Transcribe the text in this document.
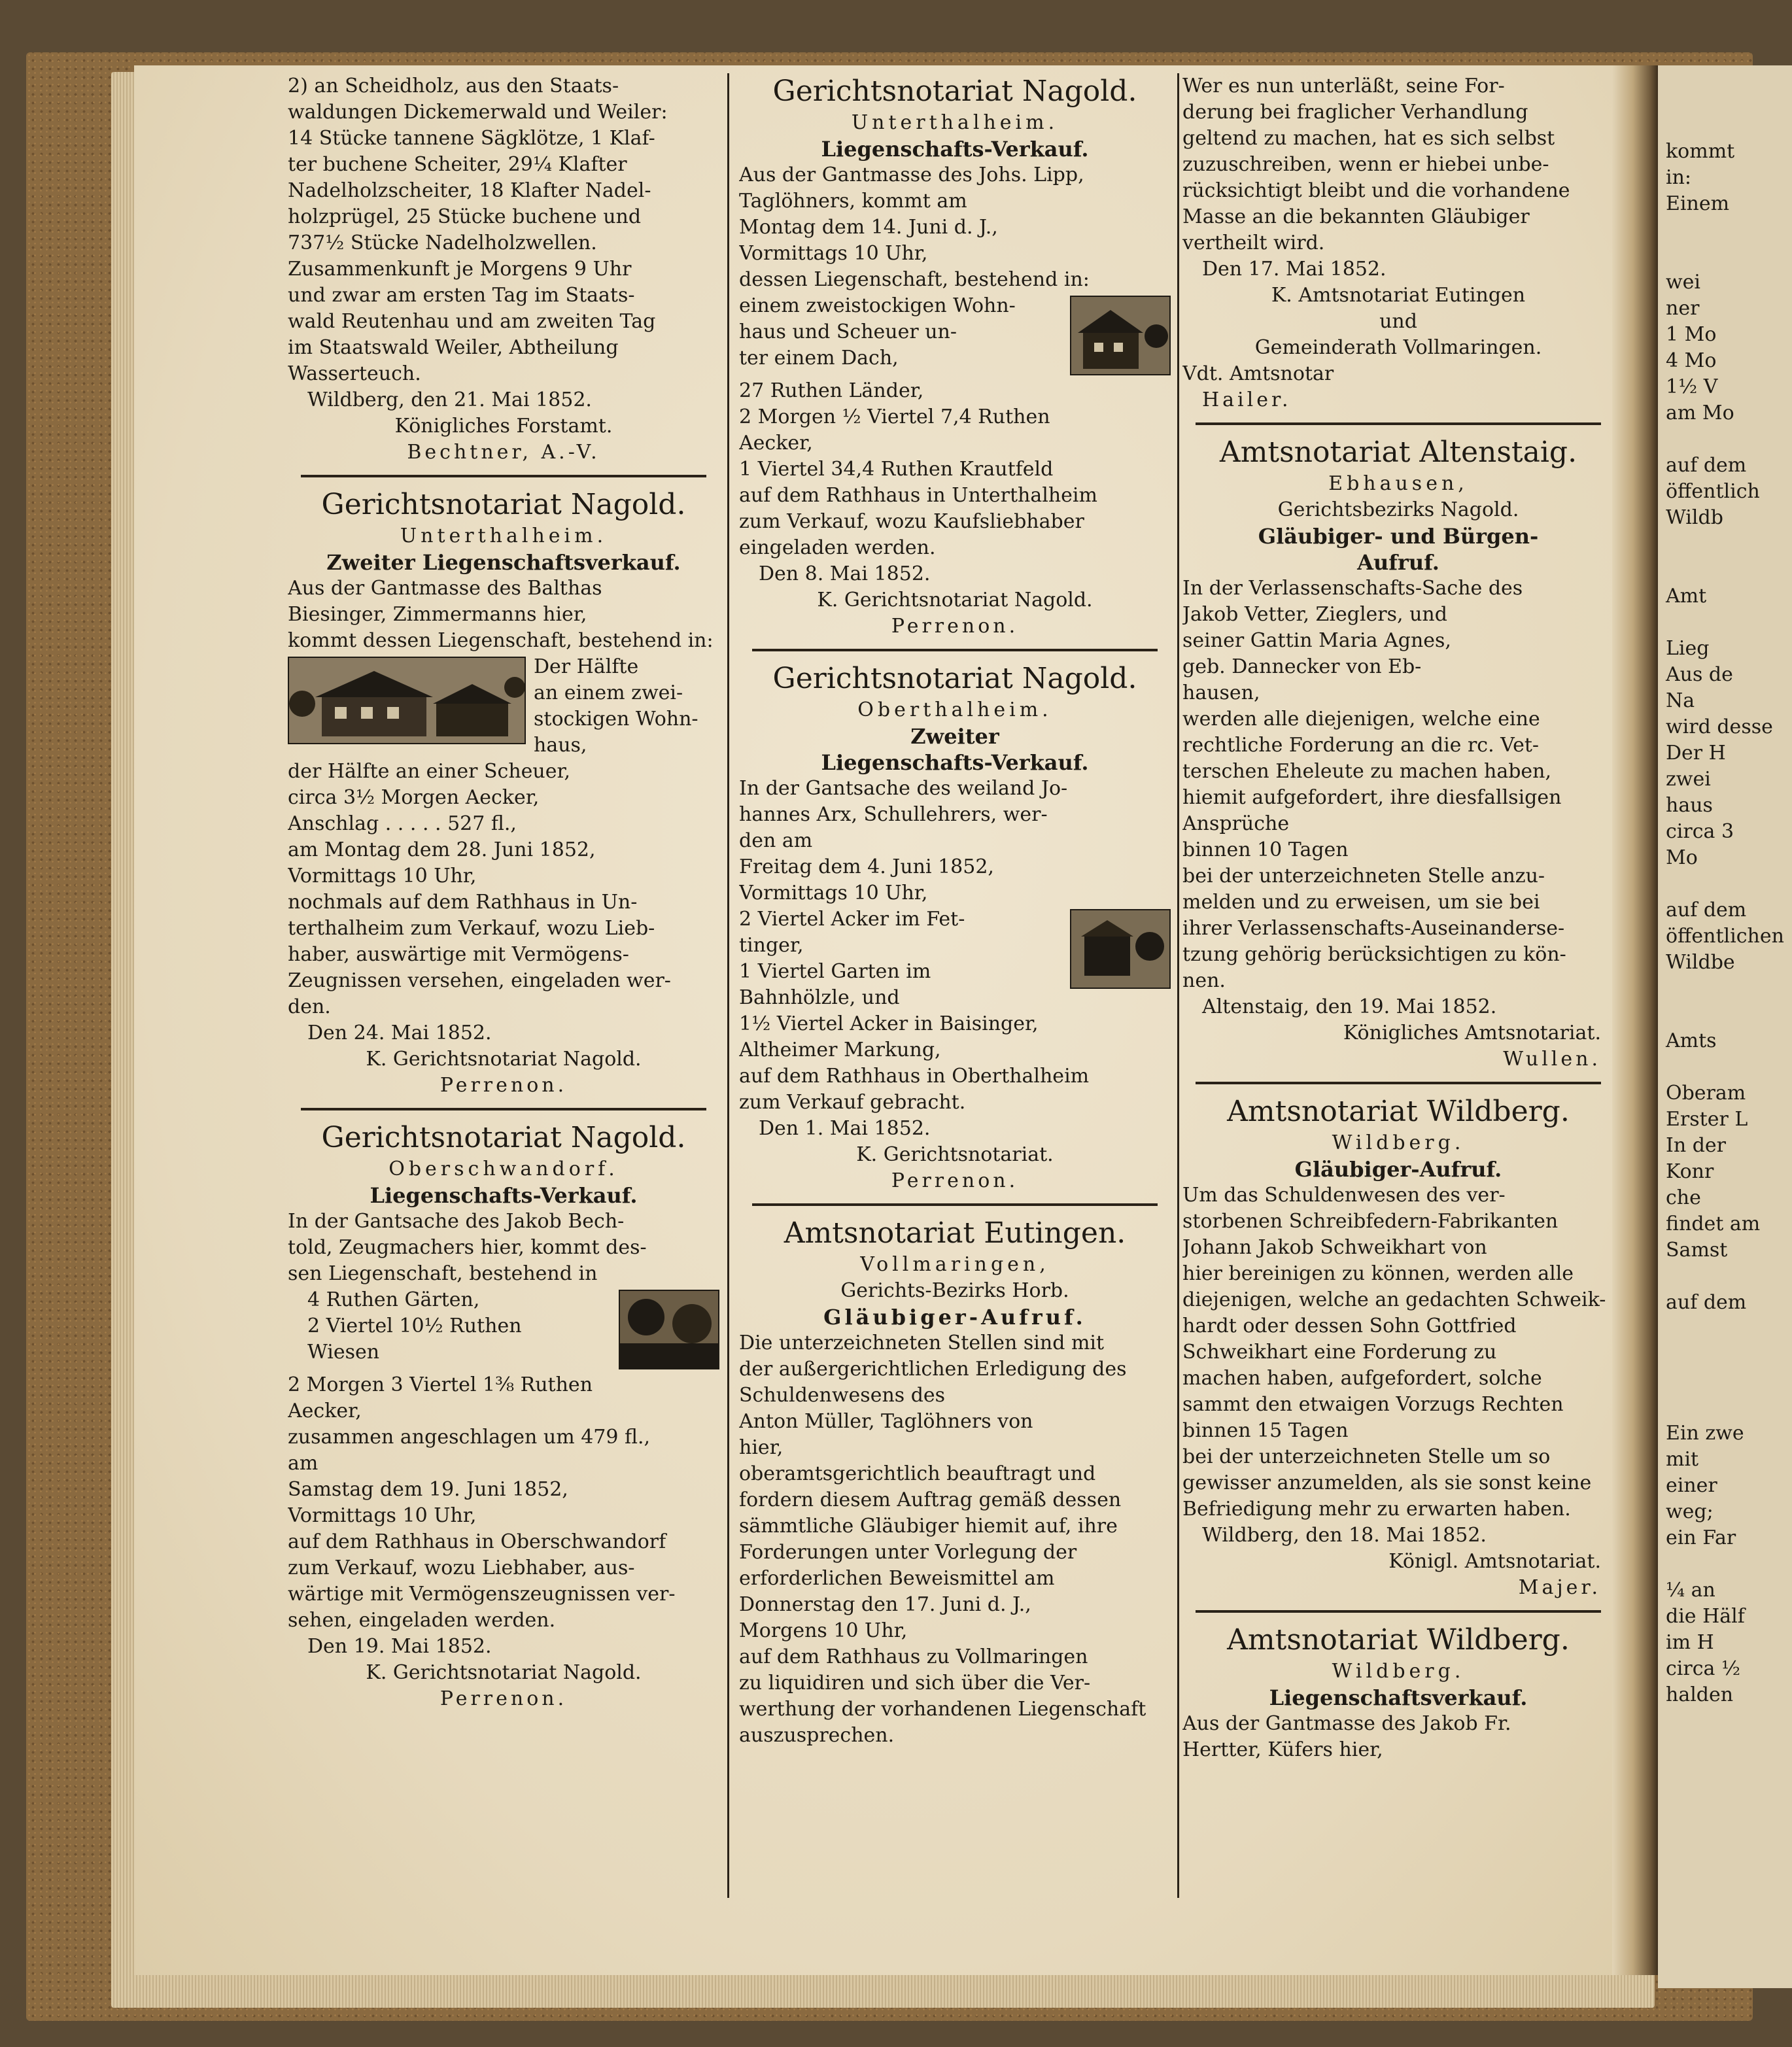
kommt
in:
Einem

wei
ner
1 Mo
4 Mo
1½ V
am Mo

auf dem
öffentlich
Wildb

Amt

Lieg
Aus de
Na
wird desse
Der H
zwei
haus
circa 3
Mo

auf dem
öffentlichen
Wildbe

Amts

Oberam
Erster L
In der
Konr
che
findet am
Samst

auf dem

Ein zwe
mit
einer
weg;
ein Far

¼ an
die Hälf
im H
circa ½
halden
2) an Scheidholz, aus den Staats-
waldungen Dickemerwald und Weiler:
14 Stücke tannene Sägklötze, 1 Klaf-
ter buchene Scheiter, 29¼ Klafter
Nadelholzscheiter, 18 Klafter Nadel-
holzprügel, 25 Stücke buchene und
737½ Stücke Nadelholzwellen.
Zusammenkunft je Morgens 9 Uhr
und zwar am ersten Tag im Staats-
wald Reutenhau und am zweiten Tag
im Staatswald Weiler, Abtheilung
Wasserteuch.
Wildberg, den 21. Mai 1852.
Königliches Forstamt.
Bechtner, A.-V.
Gerichtsnotariat Nagold.
Unterthalheim.
Zweiter Liegenschaftsverkauf.
Aus der Gantmasse des Balthas
Biesinger, Zimmermanns hier,
kommt dessen Liegenschaft, bestehend in:
Der Hälfte
an einem zwei-
stockigen Wohn-
haus,
der Hälfte an einer Scheuer,
circa 3½ Morgen Aecker,
Anschlag . . . . . 527 fl.,
am Montag dem 28. Juni 1852,
Vormittags 10 Uhr,
nochmals auf dem Rathhaus in Un-
terthalheim zum Verkauf, wozu Lieb-
haber, auswärtige mit Vermögens-
Zeugnissen versehen, eingeladen wer-
den.
Den 24. Mai 1852.
K. Gerichtsnotariat Nagold.
Perrenon.
Gerichtsnotariat Nagold.
Oberschwandorf.
Liegenschafts-Verkauf.
In der Gantsache des Jakob Bech-
told, Zeugmachers hier, kommt des-
sen Liegenschaft, bestehend in
4 Ruthen Gärten,
2 Viertel 10½ Ruthen
Wiesen
2 Morgen 3 Viertel 1⅜ Ruthen
Aecker,
zusammen angeschlagen um 479 fl.,
am
Samstag dem 19. Juni 1852,
Vormittags 10 Uhr,
auf dem Rathhaus in Oberschwandorf
zum Verkauf, wozu Liebhaber, aus-
wärtige mit Vermögenszeugnissen ver-
sehen, eingeladen werden.
Den 19. Mai 1852.
K. Gerichtsnotariat Nagold.
Perrenon.
Gerichtsnotariat Nagold.
Unterthalheim.
Liegenschafts-Verkauf.
Aus der Gantmasse des Johs. Lipp,
Taglöhners, kommt am
Montag dem 14. Juni d. J.,
Vormittags 10 Uhr,
dessen Liegenschaft, bestehend in:
einem zweistockigen Wohn-
haus und Scheuer un-
ter einem Dach,
27 Ruthen Länder,
2 Morgen ½ Viertel 7,4 Ruthen
Aecker,
1 Viertel 34,4 Ruthen Krautfeld
auf dem Rathhaus in Unterthalheim
zum Verkauf, wozu Kaufsliebhaber
eingeladen werden.
Den 8. Mai 1852.
K. Gerichtsnotariat Nagold.
Perrenon.
Gerichtsnotariat Nagold.
Oberthalheim.
Zweiter
Liegenschafts-Verkauf.
In der Gantsache des weiland Jo-
hannes Arx, Schullehrers, wer-
den am
Freitag dem 4. Juni 1852,
Vormittags 10 Uhr,
2 Viertel Acker im Fet-
tinger,
1 Viertel Garten im
Bahnhölzle, und
1½ Viertel Acker in Baisinger,
Altheimer Markung,
auf dem Rathhaus in Oberthalheim
zum Verkauf gebracht.
Den 1. Mai 1852.
K. Gerichtsnotariat.
Perrenon.
Amtsnotariat Eutingen.
Vollmaringen,
Gerichts-Bezirks Horb.
Gläubiger-Aufruf.
Die unterzeichneten Stellen sind mit
der außergerichtlichen Erledigung des
Schuldenwesens des
Anton Müller, Taglöhners von
hier,
oberamtsgerichtlich beauftragt und
fordern diesem Auftrag gemäß dessen
sämmtliche Gläubiger hiemit auf, ihre
Forderungen unter Vorlegung der
erforderlichen Beweismittel am
Donnerstag den 17. Juni d. J.,
Morgens 10 Uhr,
auf dem Rathhaus zu Vollmaringen
zu liquidiren und sich über die Ver-
werthung der vorhandenen Liegenschaft
auszusprechen.
Wer es nun unterläßt, seine For-
derung bei fraglicher Verhandlung
geltend zu machen, hat es sich selbst
zuzuschreiben, wenn er hiebei unbe-
rücksichtigt bleibt und die vorhandene
Masse an die bekannten Gläubiger
vertheilt wird.
Den 17. Mai 1852.
K. Amtsnotariat Eutingen
und
Gemeinderath Vollmaringen.
Vdt. Amtsnotar
Hailer.
Amtsnotariat Altenstaig.
Ebhausen,
Gerichtsbezirks Nagold.
Gläubiger- und Bürgen-
Aufruf.
In der Verlassenschafts-Sache des
Jakob Vetter, Zieglers, und
seiner Gattin Maria Agnes,
geb. Dannecker von Eb-
hausen,
werden alle diejenigen, welche eine
rechtliche Forderung an die rc. Vet-
terschen Eheleute zu machen haben,
hiemit aufgefordert, ihre diesfallsigen
Ansprüche
binnen 10 Tagen
bei der unterzeichneten Stelle anzu-
melden und zu erweisen, um sie bei
ihrer Verlassenschafts-Auseinanderse-
tzung gehörig berücksichtigen zu kön-
nen.
Altenstaig, den 19. Mai 1852.
Königliches Amtsnotariat.
Wullen.
Amtsnotariat Wildberg.
Wildberg.
Gläubiger-Aufruf.
Um das Schuldenwesen des ver-
storbenen Schreibfedern-Fabrikanten
Johann Jakob Schweikhart von
hier bereinigen zu können, werden alle
diejenigen, welche an gedachten Schweik-
hardt oder dessen Sohn Gottfried
Schweikhart eine Forderung zu
machen haben, aufgefordert, solche
sammt den etwaigen Vorzugs Rechten
binnen 15 Tagen
bei der unterzeichneten Stelle um so
gewisser anzumelden, als sie sonst keine
Befriedigung mehr zu erwarten haben.
Wildberg, den 18. Mai 1852.
Königl. Amtsnotariat.
Majer.
Amtsnotariat Wildberg.
Wildberg.
Liegenschaftsverkauf.
Aus der Gantmasse des Jakob Fr.
Hertter, Küfers hier,
